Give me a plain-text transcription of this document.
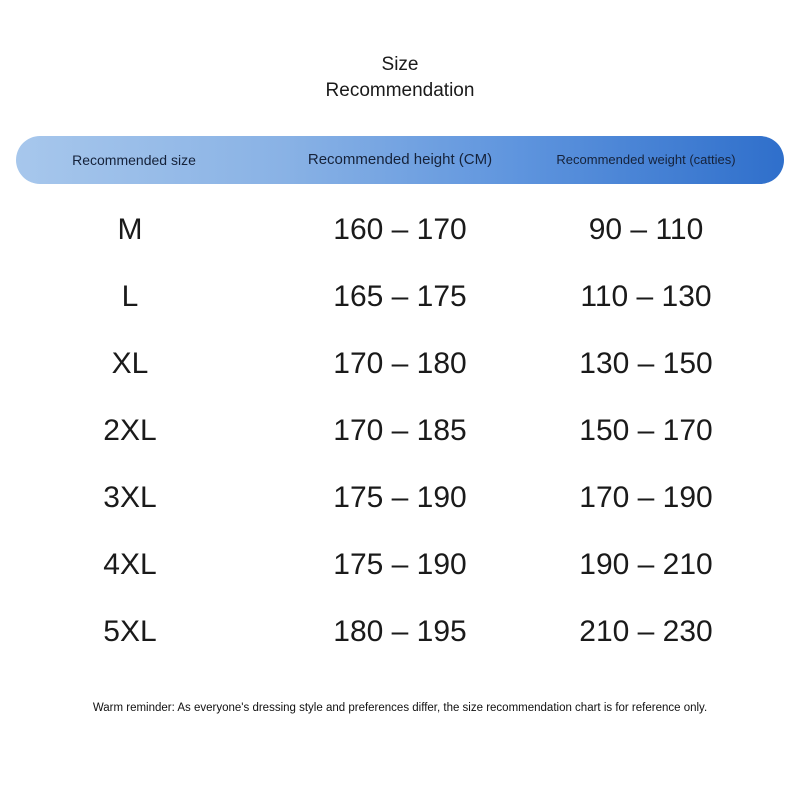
Size
Recommendation
Recommended size	Recommended height (CM)	Recommended weight (catties)
M	160 – 170	90 – 110
L	165 – 175	110 – 130
XL	170 – 180	130 – 150
2XL	170 – 185	150 – 170
3XL	175 – 190	170 – 190
4XL	175 – 190	190 – 210
5XL	180 – 195	210 – 230
Warm reminder: As everyone's dressing style and preferences differ, the size recommendation chart is for reference only.
